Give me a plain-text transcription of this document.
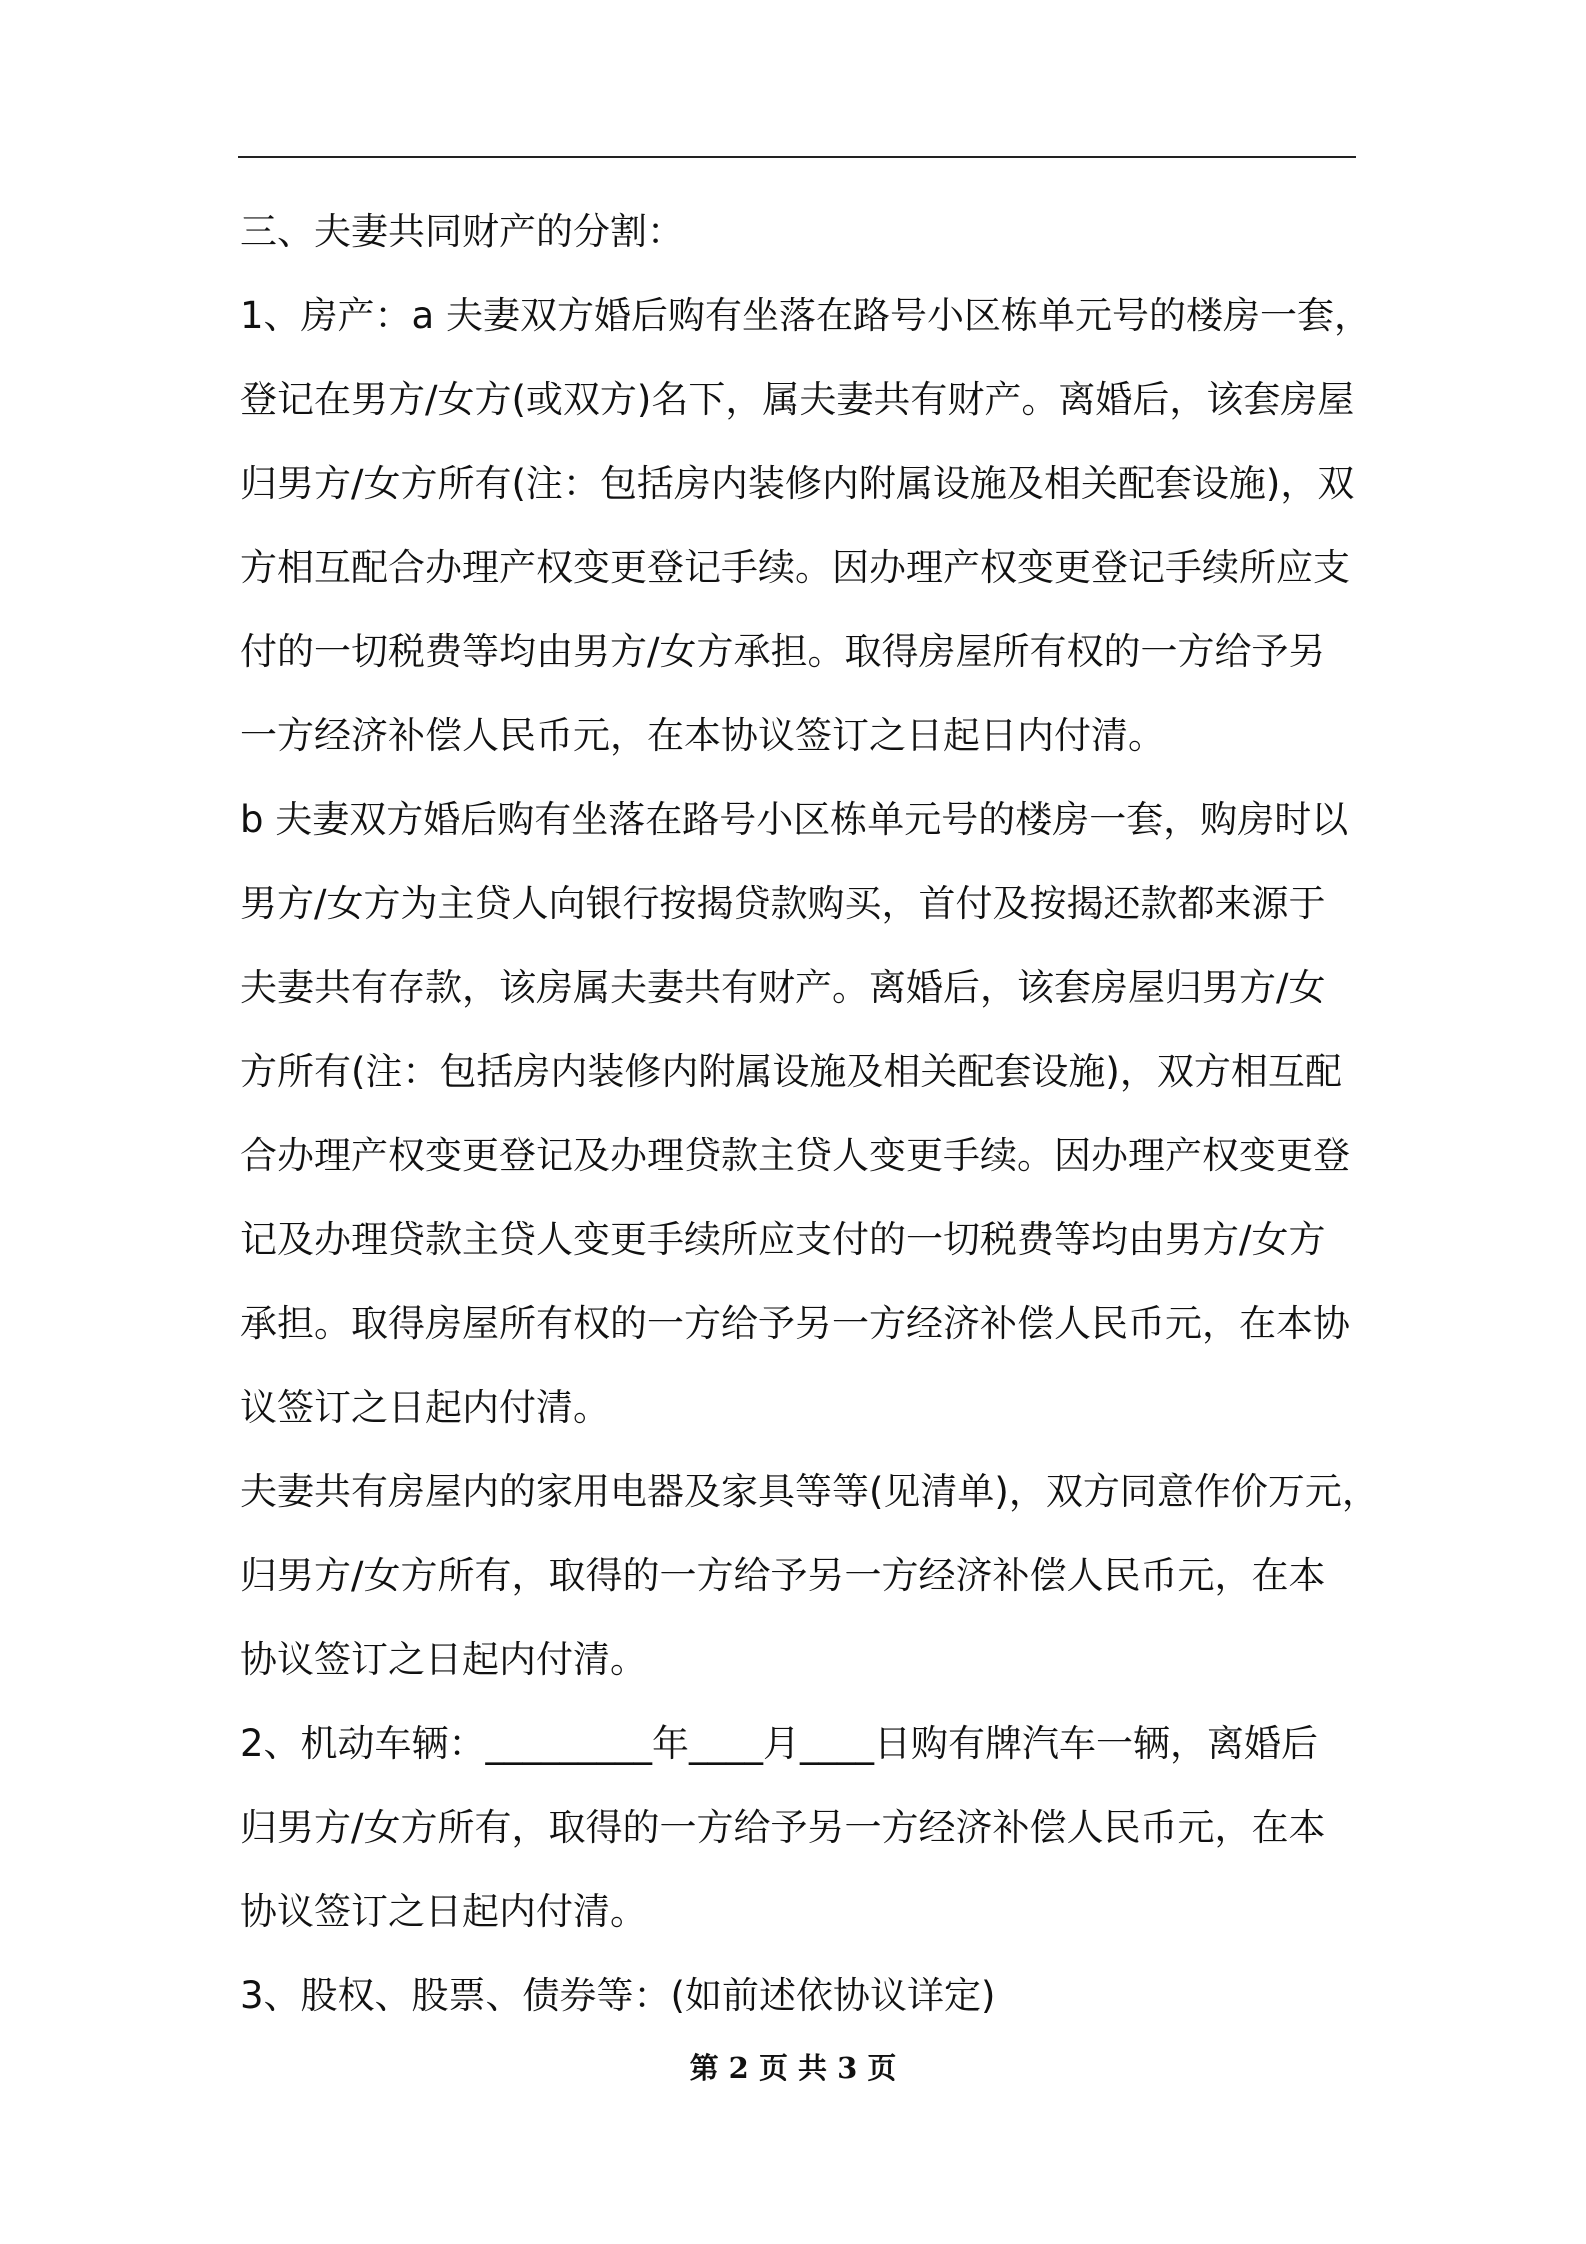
三、夫妻共同财产的分割：
1、房产：a 夫妻双方婚后购有坐落在路号小区栋单元号的楼房一套，
登记在男方/女方(或双方)名下，属夫妻共有财产。离婚后，该套房屋
归男方/女方所有(注：包括房内装修内附属设施及相关配套设施)，双
方相互配合办理产权变更登记手续。因办理产权变更登记手续所应支
付的一切税费等均由男方/女方承担。取得房屋所有权的一方给予另
一方经济补偿人民币元，在本协议签订之日起日内付清。
b 夫妻双方婚后购有坐落在路号小区栋单元号的楼房一套，购房时以
男方/女方为主贷人向银行按揭贷款购买，首付及按揭还款都来源于
夫妻共有存款，该房属夫妻共有财产。离婚后，该套房屋归男方/女
方所有(注：包括房内装修内附属设施及相关配套设施)，双方相互配
合办理产权变更登记及办理贷款主贷人变更手续。因办理产权变更登
记及办理贷款主贷人变更手续所应支付的一切税费等均由男方/女方
承担。取得房屋所有权的一方给予另一方经济补偿人民币元，在本协
议签订之日起内付清。
夫妻共有房屋内的家用电器及家具等等(见清单)，双方同意作价万元，
归男方/女方所有，取得的一方给予另一方经济补偿人民币元，在本
协议签订之日起内付清。
2、机动车辆：_________年____月____日购有牌汽车一辆，离婚后
归男方/女方所有，取得的一方给予另一方经济补偿人民币元，在本
协议签订之日起内付清。
3、股权、股票、债券等：(如前述依协议详定)
第 2 页 共 3 页
